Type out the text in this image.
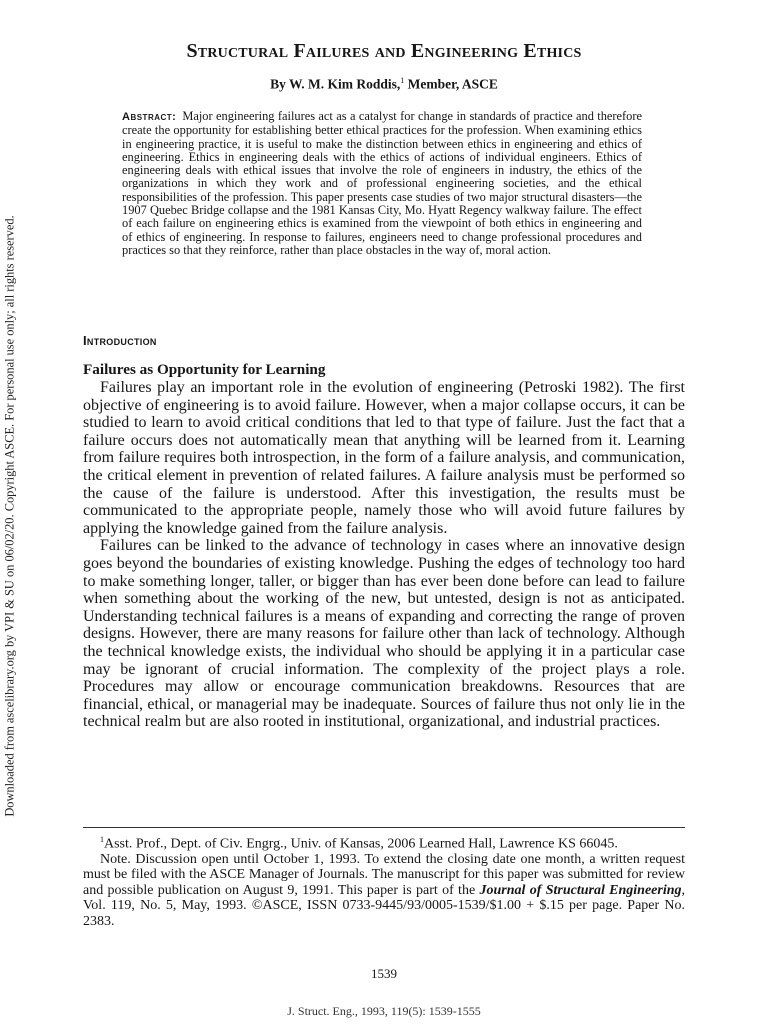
Downloaded from ascelibrary.org by VPI & SU on 06/02/20. Copyright ASCE. For personal use only; all rights reserved.
Structural Failures and Engineering Ethics
By W. M. Kim Roddis,$^1$ Member, ASCE

Abstract: Major engineering failures act as a catalyst for change in standards of practice and therefore create the opportunity for establishing better ethical practices for the profession. When examining ethics in engineering practice, it is useful to make the distinction between ethics in engineering and ethics of engineering. Ethics in engineering deals with the ethics of actions of individual engineers. Ethics of engineering deals with ethical issues that involve the role of engineers in industry, the ethics of the organizations in which they work and of professional engineering societies, and the ethical responsibilities of the profession. This paper presents case studies of two major structural disasters—the 1907 Quebec Bridge collapse and the 1981 Kansas City, Mo. Hyatt Regency walkway failure. The effect of each failure on engineering ethics is examined from the viewpoint of both ethics in engineering and of ethics of engineering. In response to failures, engineers need to change professional procedures and practices so that they reinforce, rather than place obstacles in the way of, moral action.

Introduction
Failures as Opportunity for Learning

Failures play an important role in the evolution of engineering (Petroski 1982). The first objective of engineering is to avoid failure. However, when a major collapse occurs, it can be studied to learn to avoid critical conditions that led to that type of failure. Just the fact that a failure occurs does not automatically mean that anything will be learned from it. Learning from failure requires both introspection, in the form of a failure analysis, and communication, the critical element in prevention of related failures. A failure analysis must be performed so the cause of the failure is understood. After this investigation, the results must be communicated to the appropriate people, namely those who will avoid future failures by applying the knowledge gained from the failure analysis.

Failures can be linked to the advance of technology in cases where an innovative design goes beyond the boundaries of existing knowledge. Pushing the edges of technology too hard to make something longer, taller, or bigger than has ever been done before can lead to failure when something about the working of the new, but untested, design is not as anticipated. Understanding technical failures is a means of expanding and correcting the range of proven designs. However, there are many reasons for failure other than lack of technology. Although the technical knowledge exists, the individual who should be applying it in a particular case may be ignorant of crucial information. The complexity of the project plays a role. Procedures may allow or encourage communication breakdowns. Resources that are financial, ethical, or managerial may be inadequate. Sources of failure thus not only lie in the technical realm but are also rooted in institutional, organizational, and industrial practices.

$^1$Asst. Prof., Dept. of Civ. Engrg., Univ. of Kansas, 2006 Learned Hall, Lawrence KS 66045.

Note. Discussion open until October 1, 1993. To extend the closing date one month, a written request must be filed with the ASCE Manager of Journals. The manuscript for this paper was submitted for review and possible publication on August 9, 1991. This paper is part of the Journal of Structural Engineering, Vol. 119, No. 5, May, 1993. ©ASCE, ISSN 0733-9445/93/0005-1539/$1.00 + $.15 per page. Paper No. 2383.

1539
J. Struct. Eng., 1993, 119(5): 1539-1555
